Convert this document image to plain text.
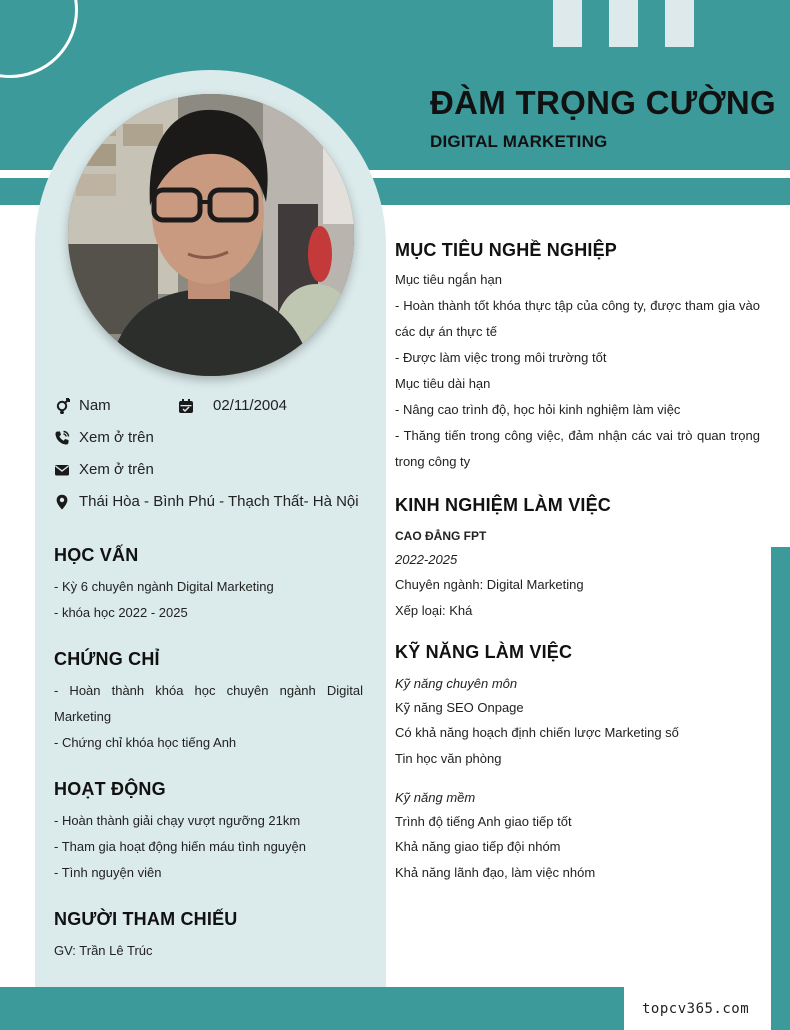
ĐÀM TRỌNG CƯỜNG
DIGITAL MARKETING
Nam	02/11/2004
Xem ở trên
Xem ở trên
Thái Hòa - Bình Phú - Thạch Thất- Hà Nội
HỌC VẤN
- Kỳ 6 chuyên ngành Digital Marketing
- khóa học 2022 - 2025
CHỨNG CHỈ
- Hoàn thành khóa học chuyên ngành Digital Marketing
- Chứng chỉ khóa học tiếng Anh
HOẠT ĐỘNG
- Hoàn thành giải chạy vượt ngưỡng 21km
- Tham gia hoạt động hiến máu tình nguyện
- Tình nguyện viên
NGƯỜI THAM CHIẾU
GV: Trần Lê Trúc
MỤC TIÊU NGHỀ NGHIỆP
Mục tiêu ngắn hạn
- Hoàn thành tốt khóa thực tập của công ty, được tham gia vào các dự án thực tế
- Được làm việc trong môi trường tốt
Mục tiêu dài hạn
- Nâng cao trình độ, học hỏi kinh nghiệm làm việc
- Thăng tiến trong công việc, đảm nhận các vai trò quan trọng trong công ty
KINH NGHIỆM LÀM VIỆC
CAO ĐẲNG FPT
2022-2025
Chuyên ngành: Digital Marketing
Xếp loại: Khá
KỸ NĂNG LÀM VIỆC
Kỹ năng chuyên môn
Kỹ năng SEO Onpage
Có khả năng hoạch định chiến lược Marketing số
Tin học văn phòng
Kỹ năng mềm
Trình độ tiếng Anh giao tiếp tốt
Khả năng giao tiếp đội nhóm
Khả năng lãnh đạo, làm việc nhóm
topcv365.com
